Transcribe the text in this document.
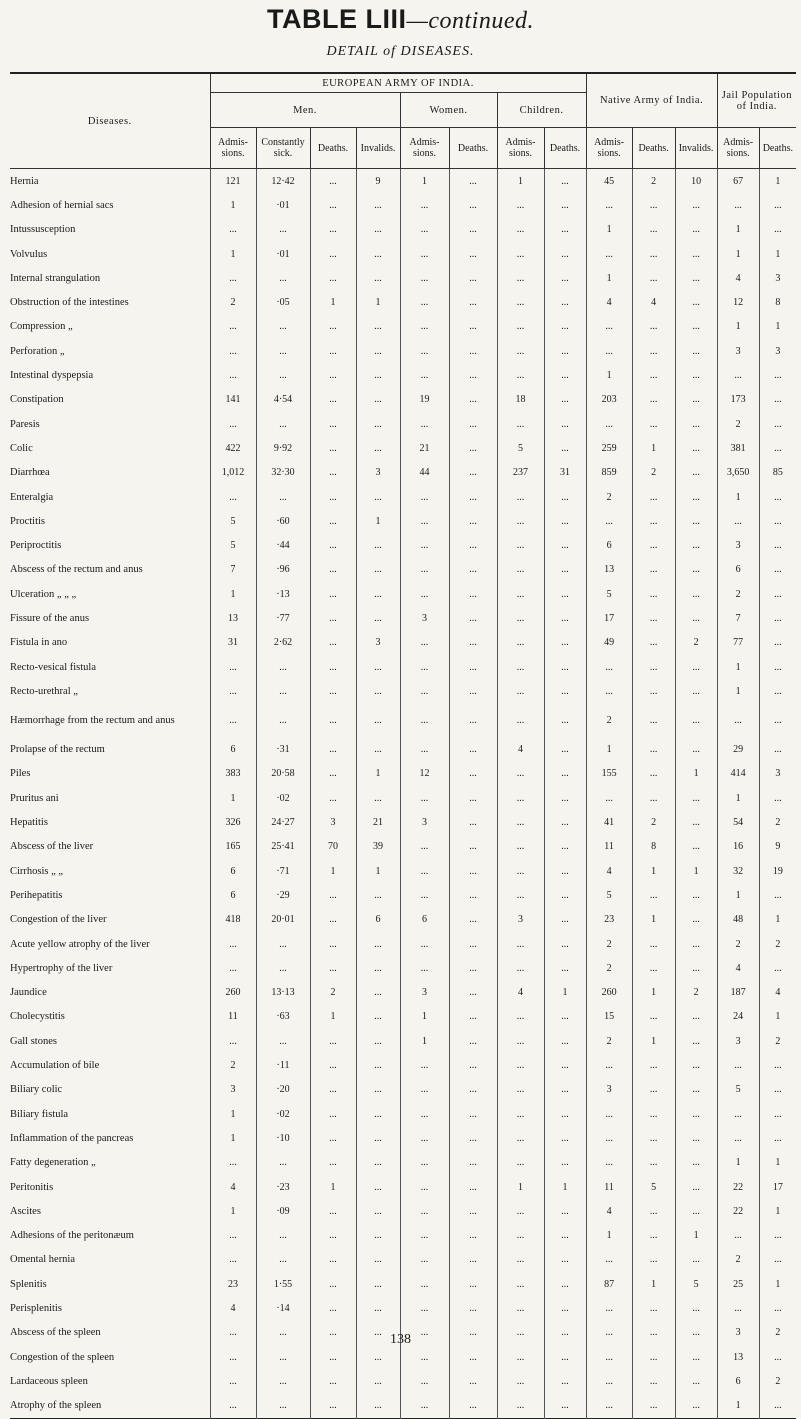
TABLE LIII—continued.
DETAIL of DISEASES.
Diseases.	EUROPEAN ARMY OF INDIA.								Native Army of India.			Jail Population of India.	
	Men.				Women.		Children.						
	Admis-sions.	Constantly sick.	Deaths.	Invalids.	Admis-sions.	Deaths.	Admis-sions.	Deaths.	Admis-sions.	Deaths.	Invalids.	Admis-sions.	Deaths.
Hernia	121	12·42	...	9	1	...	1	...	45	2	10	67	1
Adhesion of hernial sacs	1	·01	...	...	...	...	...	...	...	...	...	...	...
Intussusception	...	...	...	...	...	...	...	...	1	...	...	1	...
Volvulus	1	·01	...	...	...	...	...	...	...	...	...	1	1
Internal strangulation	...	...	...	...	...	...	...	...	1	...	...	4	3
Obstruction of the intestines	2	·05	1	1	...	...	...	...	4	4	...	12	8
Compression „	...	...	...	...	...	...	...	...	...	...	...	1	1
Perforation „	...	...	...	...	...	...	...	...	...	...	...	3	3
Intestinal dyspepsia	...	...	...	...	...	...	...	...	1	...	...	...	...
Constipation	141	4·54	...	...	19	...	18	...	203	...	...	173	...
Paresis	...	...	...	...	...	...	...	...	...	...	...	2	...
Colic	422	9·92	...	...	21	...	5	...	259	1	...	381	...
Diarrhœa	1,012	32·30	...	3	44	...	237	31	859	2	...	3,650	85
Enteralgia	...	...	...	...	...	...	...	...	2	...	...	1	...
Proctitis	5	·60	...	1	...	...	...	...	...	...	...	...	...
Periproctitis	5	·44	...	...	...	...	...	...	6	...	...	3	...
Abscess of the rectum and anus	7	·96	...	...	...	...	...	...	13	...	...	6	...
Ulceration „ „ „	1	·13	...	...	...	...	...	...	5	...	...	2	...
Fissure of the anus	13	·77	...	...	3	...	...	...	17	...	...	7	...
Fistula in ano	31	2·62	...	3	...	...	...	...	49	...	2	77	...
Recto-vesical fistula	...	...	...	...	...	...	...	...	...	...	...	1	...
Recto-urethral „	...	...	...	...	...	...	...	...	...	...	...	1	...
Hæmorrhage from the rectum and anus	...	...	...	...	...	...	...	...	2	...	...	...	...
Prolapse of the rectum	6	·31	...	...	...	...	4	...	1	...	...	29	...
Piles	383	20·58	...	1	12	...	...	...	155	...	1	414	3
Pruritus ani	1	·02	...	...	...	...	...	...	...	...	...	1	...
Hepatitis	326	24·27	3	21	3	...	...	...	41	2	...	54	2
Abscess of the liver	165	25·41	70	39	...	...	...	...	11	8	...	16	9
Cirrhosis „ „	6	·71	1	1	...	...	...	...	4	1	1	32	19
Perihepatitis	6	·29	...	...	...	...	...	...	5	...	...	1	...
Congestion of the liver	418	20·01	...	6	6	...	3	...	23	1	...	48	1
Acute yellow atrophy of the liver	...	...	...	...	...	...	...	...	2	...	...	2	2
Hypertrophy of the liver	...	...	...	...	...	...	...	...	2	...	...	4	...
Jaundice	260	13·13	2	...	3	...	4	1	260	1	2	187	4
Cholecystitis	11	·63	1	...	1	...	...	...	15	...	...	24	1
Gall stones	...	...	...	...	1	...	...	...	2	1	...	3	2
Accumulation of bile	2	·11	...	...	...	...	...	...	...	...	...	...	...
Biliary colic	3	·20	...	...	...	...	...	...	3	...	...	5	...
Biliary fistula	1	·02	...	...	...	...	...	...	...	...	...	...	...
Inflammation of the pancreas	1	·10	...	...	...	...	...	...	...	...	...	...	...
Fatty degeneration „	...	...	...	...	...	...	...	...	...	...	...	1	1
Peritonitis	4	·23	1	...	...	...	1	1	11	5	...	22	17
Ascites	1	·09	...	...	...	...	...	...	4	...	...	22	1
Adhesions of the peritonæum	...	...	...	...	...	...	...	...	1	...	1	...	...
Omental hernia	...	...	...	...	...	...	...	...	...	...	...	2	...
Splenitis	23	1·55	...	...	...	...	...	...	87	1	5	25	1
Perisplenitis	4	·14	...	...	...	...	...	...	...	...	...	...	...
Abscess of the spleen	...	...	...	...	...	...	...	...	...	...	...	3	2
Congestion of the spleen	...	...	...	...	...	...	...	...	...	...	...	13	...
Lardaceous spleen	...	...	...	...	...	...	...	...	...	...	...	6	2
Atrophy of the spleen	...	...	...	...	...	...	...	...	...	...	...	1	...
138
